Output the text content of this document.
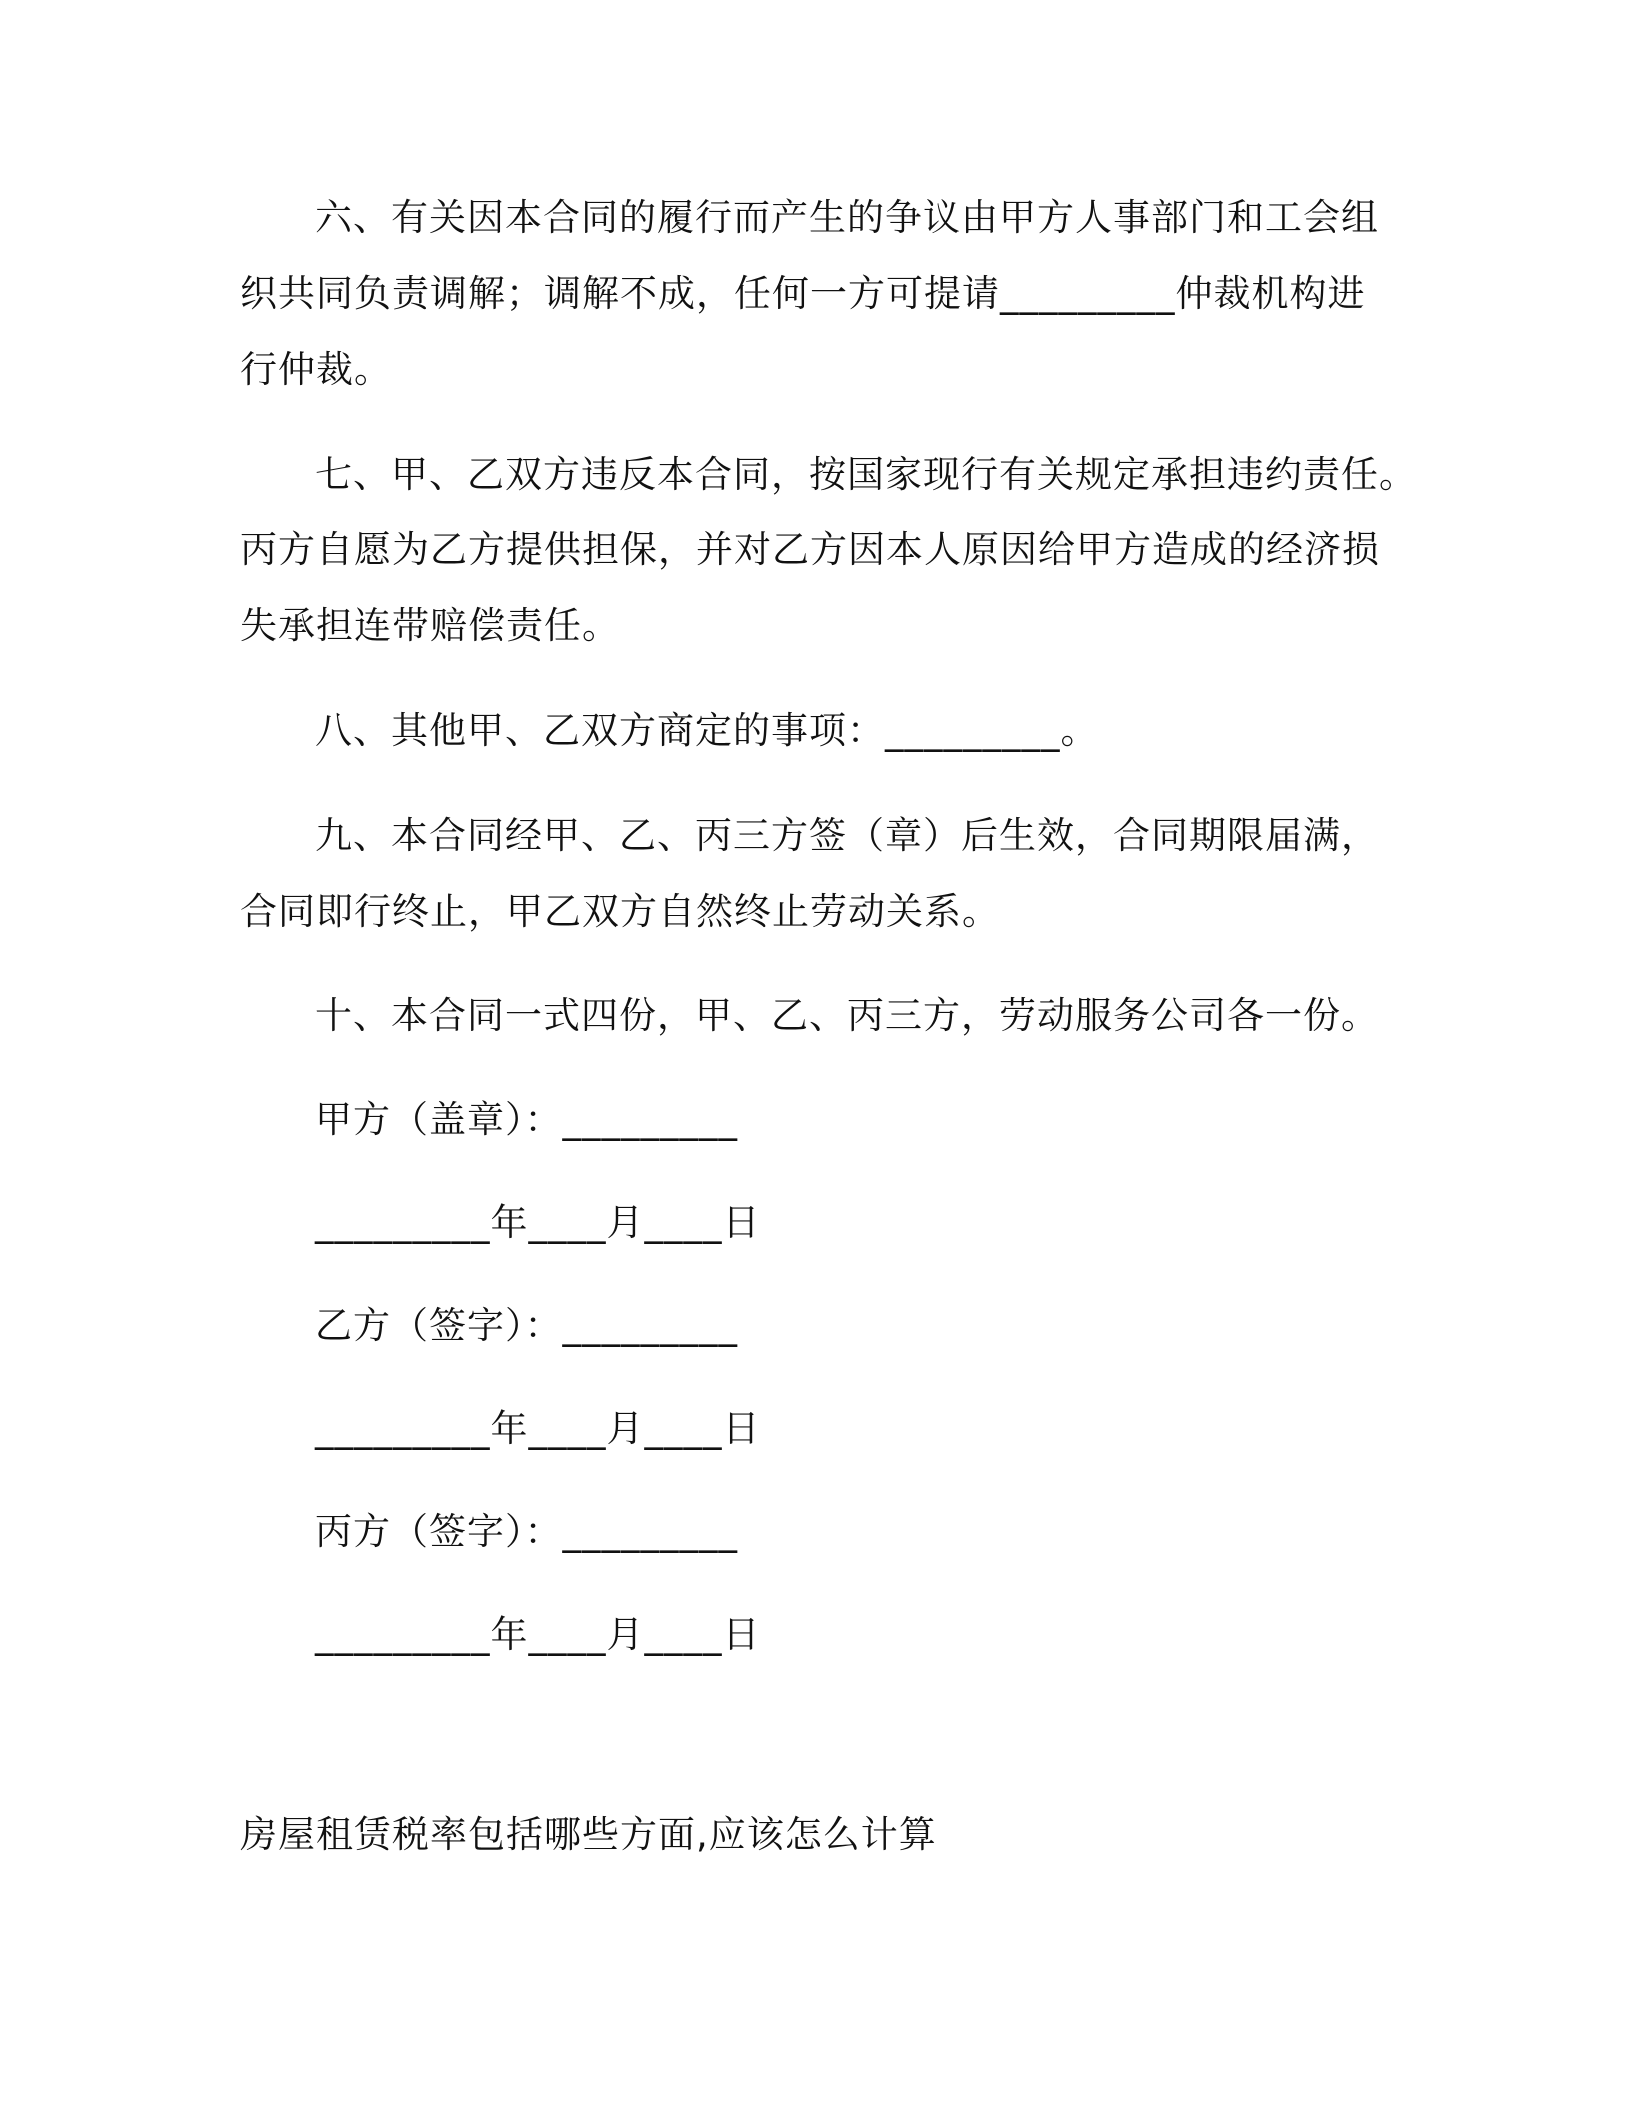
六、有关因本合同的履行而产生的争议由甲方人事部门和工会组
织共同负责调解；调解不成，任何一方可提请_________仲裁机构进
行仲裁。
七、甲、乙双方违反本合同，按国家现行有关规定承担违约责任。
丙方自愿为乙方提供担保，并对乙方因本人原因给甲方造成的经济损
失承担连带赔偿责任。
八、其他甲、乙双方商定的事项：_________。
九、本合同经甲、乙、丙三方签（章）后生效，合同期限届满，
合同即行终止，甲乙双方自然终止劳动关系。
十、本合同一式四份，甲、乙、丙三方，劳动服务公司各一份。
甲方（盖章）：_________
_________年____月____日
乙方（签字）：_________
_________年____月____日
丙方（签字）：_________
_________年____月____日
房屋租赁税率包括哪些方面,应该怎么计算
